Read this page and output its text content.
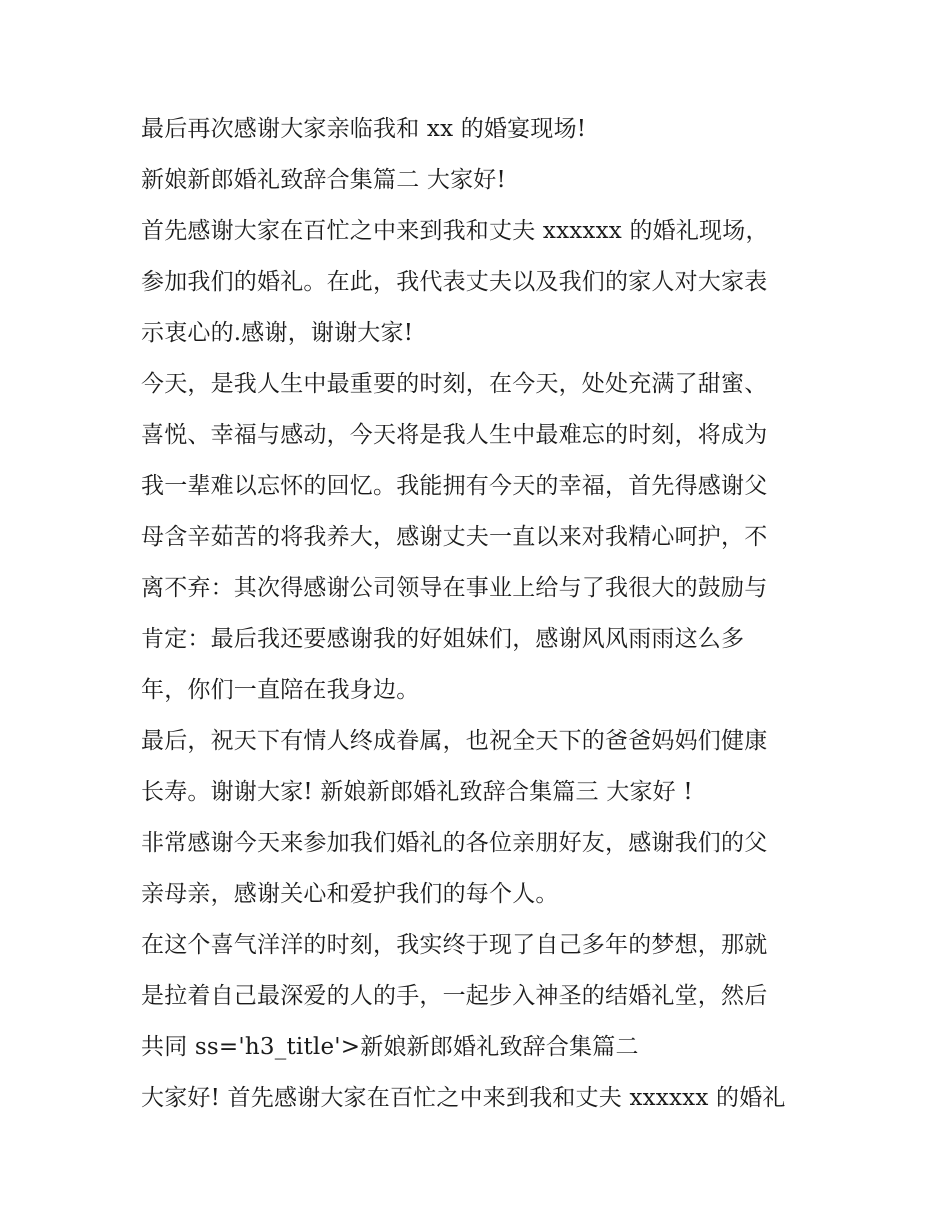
最后再次感谢大家亲临我和 xx 的婚宴现场!

新娘新郎婚礼致辞合集篇二 大家好!

首先感谢大家在百忙之中来到我和丈夫 xxxxxx 的婚礼现场，

参加我们的婚礼。在此，我代表丈夫以及我们的家人对大家表

示衷心的.感谢，谢谢大家!

今天，是我人生中最重要的时刻，在今天，处处充满了甜蜜、

喜悦、幸福与感动，今天将是我人生中最难忘的时刻，将成为

我一辈难以忘怀的回忆。我能拥有今天的幸福，首先得感谢父

母含辛茹苦的将我养大，感谢丈夫一直以来对我精心呵护，不

离不弃：其次得感谢公司领导在事业上给与了我很大的鼓励与

肯定：最后我还要感谢我的好姐妹们，感谢风风雨雨这么多

年，你们一直陪在我身边。

最后，祝天下有情人终成眷属，也祝全天下的爸爸妈妈们健康

长寿。谢谢大家! 新娘新郎婚礼致辞合集篇三 大家好 !

非常感谢今天来参加我们婚礼的各位亲朋好友，感谢我们的父

亲母亲，感谢关心和爱护我们的每个人。

在这个喜气洋洋的时刻，我实终于现了自己多年的梦想，那就

是拉着自己最深爱的人的手，一起步入神圣的结婚礼堂，然后

共同 ss='h3_title'>新娘新郎婚礼致辞合集篇二

大家好! 首先感谢大家在百忙之中来到我和丈夫 xxxxxx 的婚礼
